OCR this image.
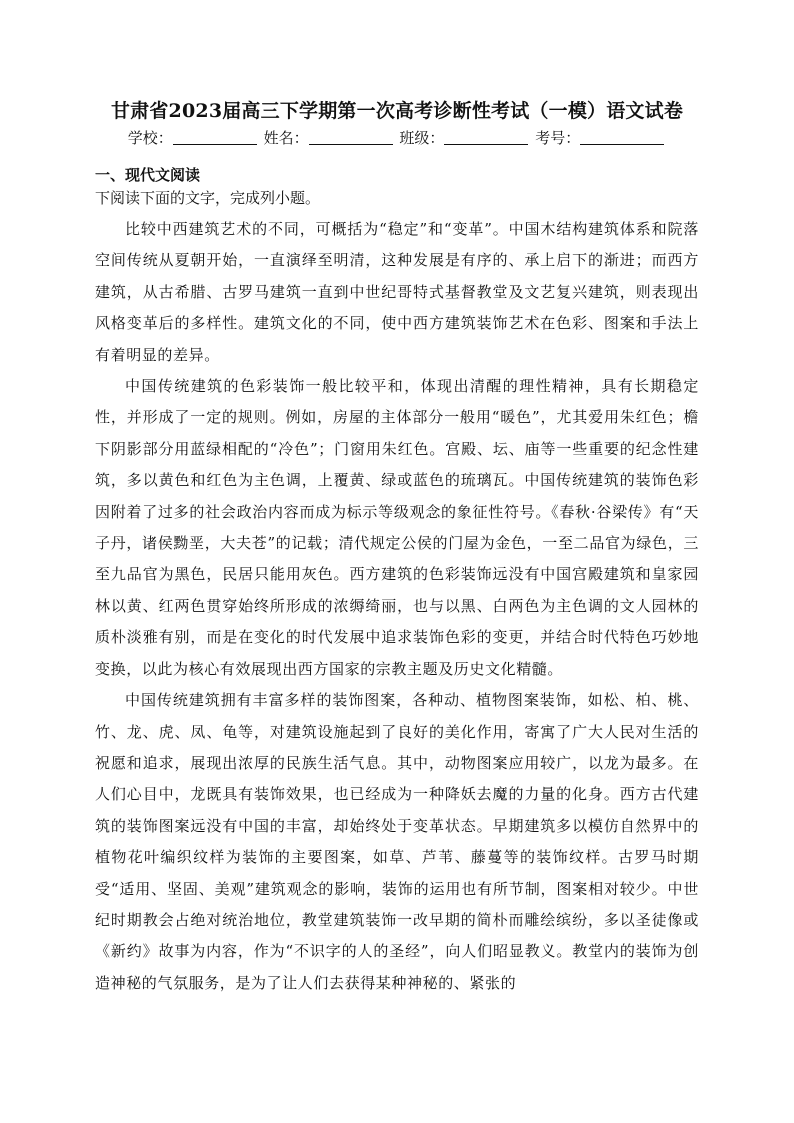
甘肃省2023届高三下学期第一次高考诊断性考试（一模）语文试卷
学校：	姓名：	班级：	考号：
一、现代文阅读
下阅读下面的文字，完成列小题。

比较中西建筑艺术的不同，可概括为“稳定”和“变革”。中国木结构建筑体系和院落空间传统从夏朝开始，一直演绎至明清，这种发展是有序的、承上启下的渐进；而西方建筑，从古希腊、古罗马建筑一直到中世纪哥特式基督教堂及文艺复兴建筑，则表现出风格变革后的多样性。建筑文化的不同，使中西方建筑装饰艺术在色彩、图案和手法上有着明显的差异。

中国传统建筑的色彩装饰一般比较平和，体现出清醒的理性精神，具有长期稳定性，并形成了一定的规则。例如，房屋的主体部分一般用“暖色”，尤其爱用朱红色；檐下阴影部分用蓝绿相配的“冷色”；门窗用朱红色。宫殿、坛、庙等一些重要的纪念性建筑，多以黄色和红色为主色调，上覆黄、绿或蓝色的琉璃瓦。中国传统建筑的装饰色彩因附着了过多的社会政治内容而成为标示等级观念的象征性符号。《春秋·谷梁传》有“天子丹，诸侯黝垩，大夫苍”的记载；清代规定公侯的门屋为金色，一至二品官为绿色，三至九品官为黑色，民居只能用灰色。西方建筑的色彩装饰远没有中国宫殿建筑和皇家园林以黄、红两色贯穿始终所形成的浓缛绮丽，也与以黑、白两色为主色调的文人园林的质朴淡雅有别，而是在变化的时代发展中追求装饰色彩的变更，并结合时代特色巧妙地变换，以此为核心有效展现出西方国家的宗教主题及历史文化精髓。

中国传统建筑拥有丰富多样的装饰图案，各种动、植物图案装饰，如松、柏、桃、竹、龙、虎、凤、龟等，对建筑设施起到了良好的美化作用，寄寓了广大人民对生活的祝愿和追求，展现出浓厚的民族生活气息。其中，动物图案应用较广，以龙为最多。在人们心目中，龙既具有装饰效果，也已经成为一种降妖去魔的力量的化身。西方古代建筑的装饰图案远没有中国的丰富，却始终处于变革状态。早期建筑多以模仿自然界中的植物花叶编织纹样为装饰的主要图案，如草、芦苇、藤蔓等的装饰纹样。古罗马时期受“适用、坚固、美观”建筑观念的影响，装饰的运用也有所节制，图案相对较少。中世纪时期教会占绝对统治地位，教堂建筑装饰一改早期的简朴而雕绘缤纷，多以圣徒像或《新约》故事为内容，作为“不识字的人的圣经”，向人们昭显教义。教堂内的装饰为创造神秘的气氛服务，是为了让人们去获得某种神秘的、紧张的
